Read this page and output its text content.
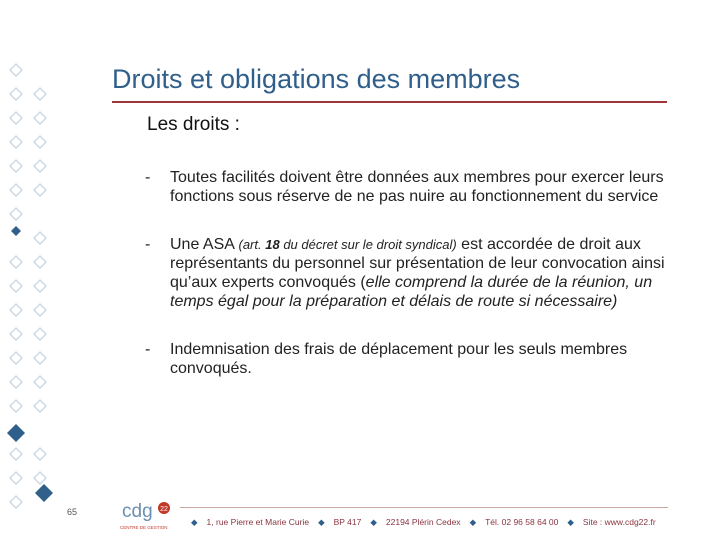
Droits et obligations des membres
Les droits :
- Toutes facilités doivent être données aux membres pour exercer leurs fonctions sous réserve de ne pas nuire au fonctionnement du service
- Une ASA (art. 18 du décret sur le droit syndical) est accordée de droit aux représentants du personnel sur présentation de leur convocation ainsi qu’aux experts convoqués (elle comprend la durée de la réunion, un temps égal pour la préparation et délais de route si nécessaire)
- Indemnisation des frais de déplacement pour les seuls membres convoqués.
65 cdg 22
CENTRE DE GESTION
◆ 1, rue Pierre et Marie Curie ◆ BP 417 ◆ 22194 Plérin Cedex ◆ Tél. 02 96 58 64 00 ◆ Site : www.cdg22.fr
